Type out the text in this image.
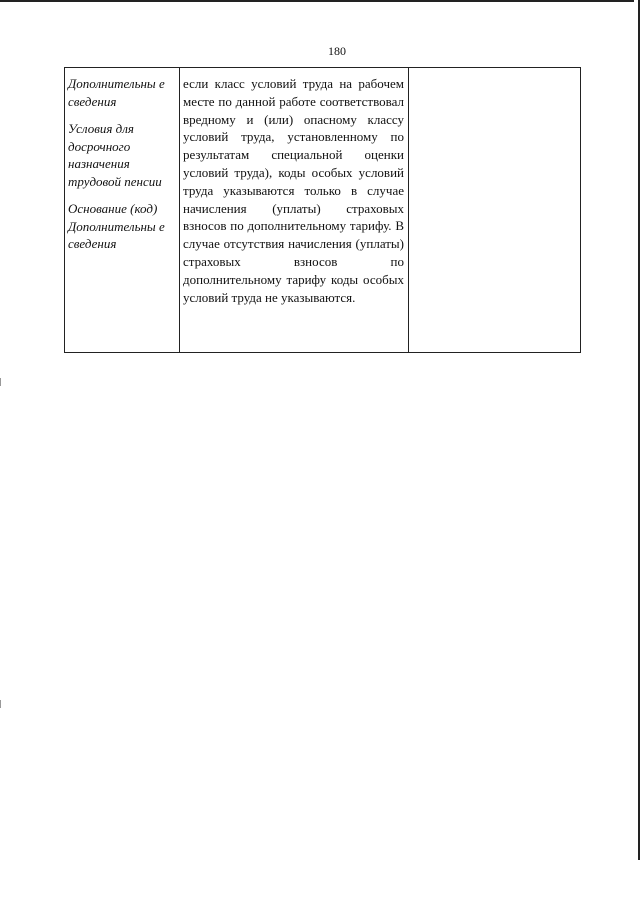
180
Дополнительны е сведения
Условия для досрочного назначения трудовой пенсии
Основание (код) Дополнительны е сведения
	если класс условий труда на рабочем месте по данной работе соответствовал вредному и (или) опасному классу условий труда, установленному по результатам специальной оценки условий труда), коды особых условий труда указываются только в случае начисления (уплаты) страховых взносов по дополнительному тарифу. В случае отсутствия начисления (уплаты) страховых взносов по дополнительному тарифу коды особых условий труда не указываются.	
